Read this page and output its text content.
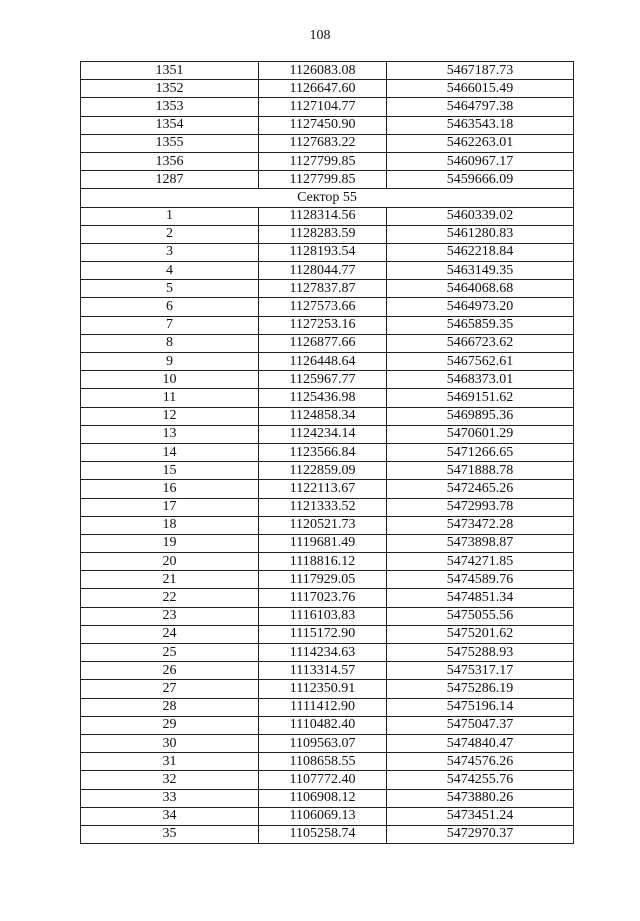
108
1351	1126083.08	5467187.73
1352	1126647.60	5466015.49
1353	1127104.77	5464797.38
1354	1127450.90	5463543.18
1355	1127683.22	5462263.01
1356	1127799.85	5460967.17
1287	1127799.85	5459666.09
Сектор 55		
1	1128314.56	5460339.02
2	1128283.59	5461280.83
3	1128193.54	5462218.84
4	1128044.77	5463149.35
5	1127837.87	5464068.68
6	1127573.66	5464973.20
7	1127253.16	5465859.35
8	1126877.66	5466723.62
9	1126448.64	5467562.61
10	1125967.77	5468373.01
11	1125436.98	5469151.62
12	1124858.34	5469895.36
13	1124234.14	5470601.29
14	1123566.84	5471266.65
15	1122859.09	5471888.78
16	1122113.67	5472465.26
17	1121333.52	5472993.78
18	1120521.73	5473472.28
19	1119681.49	5473898.87
20	1118816.12	5474271.85
21	1117929.05	5474589.76
22	1117023.76	5474851.34
23	1116103.83	5475055.56
24	1115172.90	5475201.62
25	1114234.63	5475288.93
26	1113314.57	5475317.17
27	1112350.91	5475286.19
28	1111412.90	5475196.14
29	1110482.40	5475047.37
30	1109563.07	5474840.47
31	1108658.55	5474576.26
32	1107772.40	5474255.76
33	1106908.12	5473880.26
34	1106069.13	5473451.24
35	1105258.74	5472970.37
